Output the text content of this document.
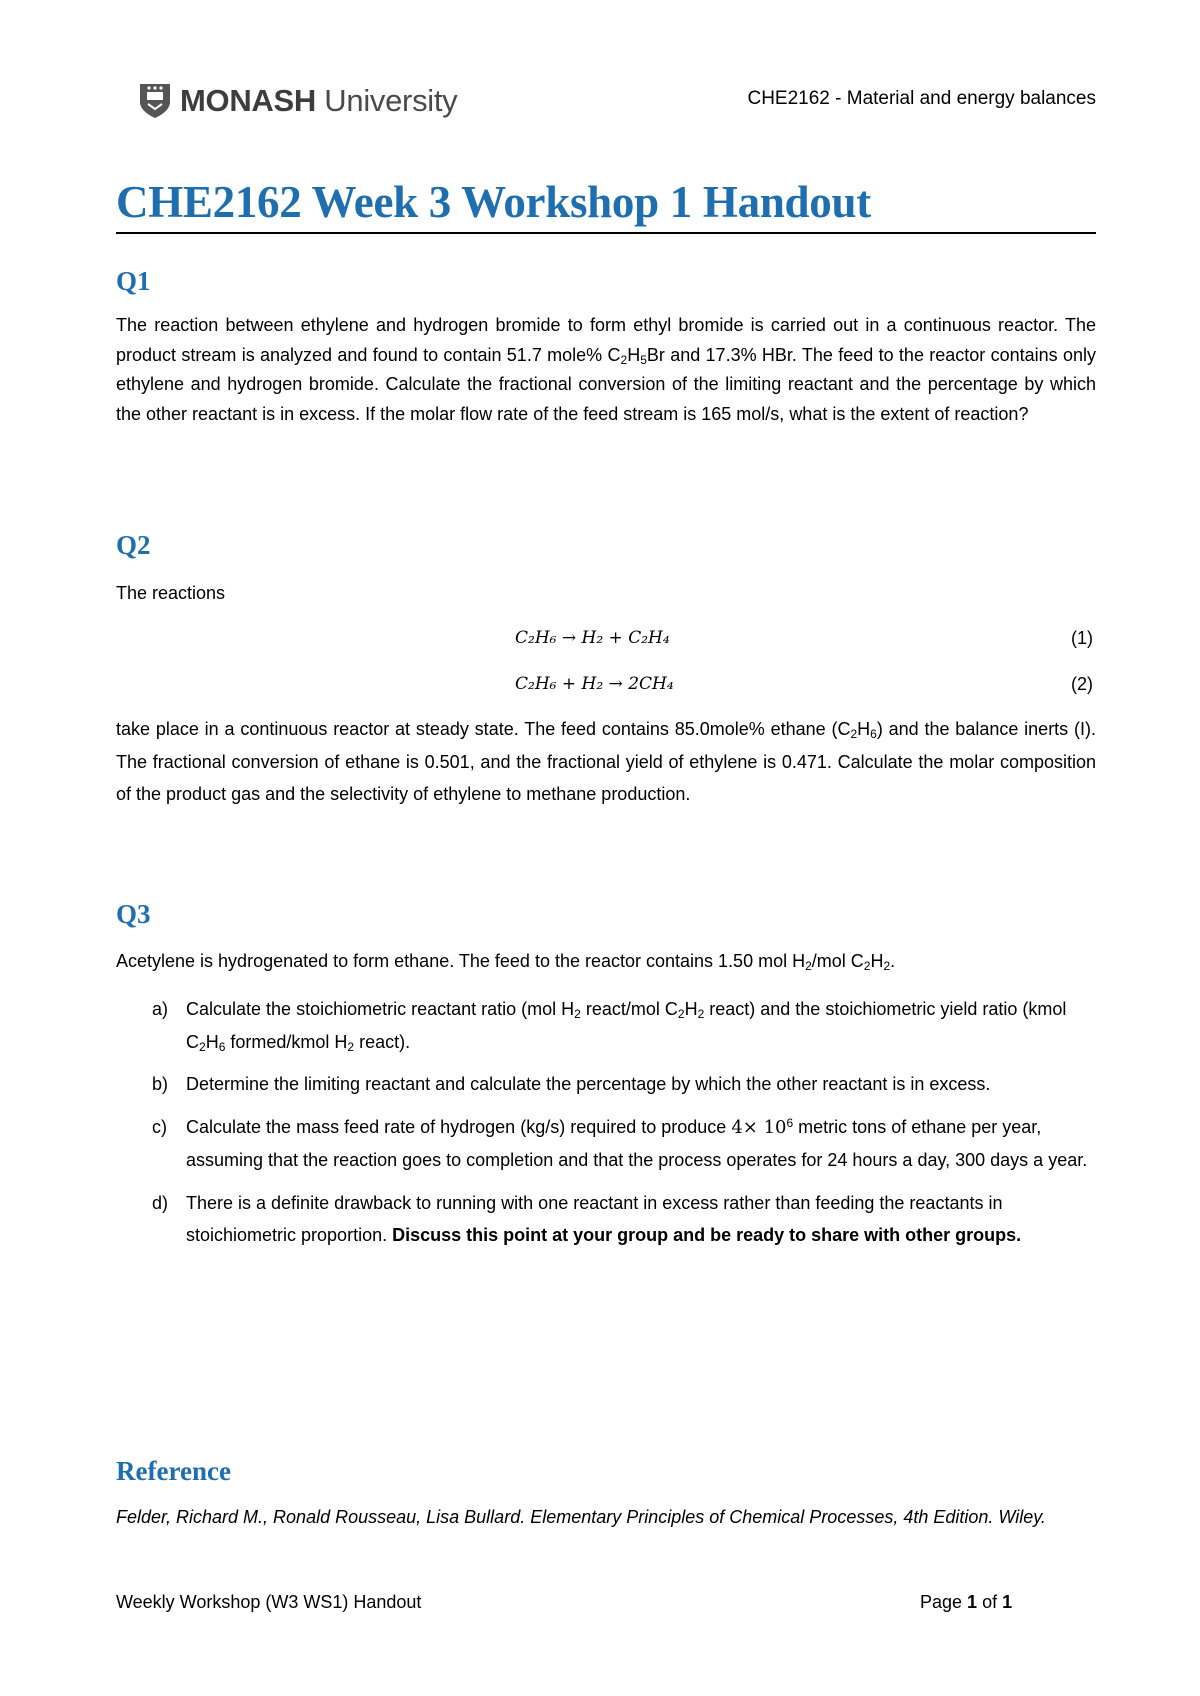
MONASH University	CHE2162 - Material and energy balances
CHE2162 Week 3 Workshop 1 Handout
Q1

The reaction between ethylene and hydrogen bromide to form ethyl bromide is carried out in a continuous reactor. The product stream is analyzed and found to contain 51.7 mole% $C_2H_5Br$ and 17.3% HBr. The feed to the reactor contains only ethylene and hydrogen bromide. Calculate the fractional conversion of the limiting reactant and the percentage by which the other reactant is in excess. If the molar flow rate of the feed stream is 165 mol/s, what is the extent of reaction?

Q2
The reactions
C₂H₆ → H₂ + C₂H₄	(1)
C₂H₆ + H₂ → 2CH₄	(2)

take place in a continuous reactor at steady state. The feed contains 85.0mole% ethane $(C_2H_6)$ and the balance inerts (I). The fractional conversion of ethane is 0.501, and the fractional yield of ethylene is 0.471. Calculate the molar composition of the product gas and the selectivity of ethylene to methane production.

Q3
Acetylene is hydrogenated to form ethane. The feed to the reactor contains 1.50 mol $H_2$/mol $C_2H_2$.
a) Calculate the stoichiometric reactant ratio (mol $H_2$ react/mol $C_2H_2$ react) and the stoichiometric yield ratio (kmol $C_2H_6$ formed/kmol $H_2$ react).
b) Determine the limiting reactant and calculate the percentage by which the other reactant is in excess.
c)	Calculate the mass feed rate of hydrogen (kg/s) required to produce $4\times 10^6$ metric tons of ethane per year, assuming that the reaction goes to completion and that the process operates for 24 hours a day, 300 days a year.
d) There is a definite drawback to running with one reactant in excess rather than feeding the reactants in stoichiometric proportion. Discuss this point at your group and be ready to share with other groups.
Reference
Felder, Richard M., Ronald Rousseau, Lisa Bullard. Elementary Principles of Chemical Processes, 4th Edition. Wiley.
Weekly Workshop (W3 WS1) Handout	Page 1 of 1
